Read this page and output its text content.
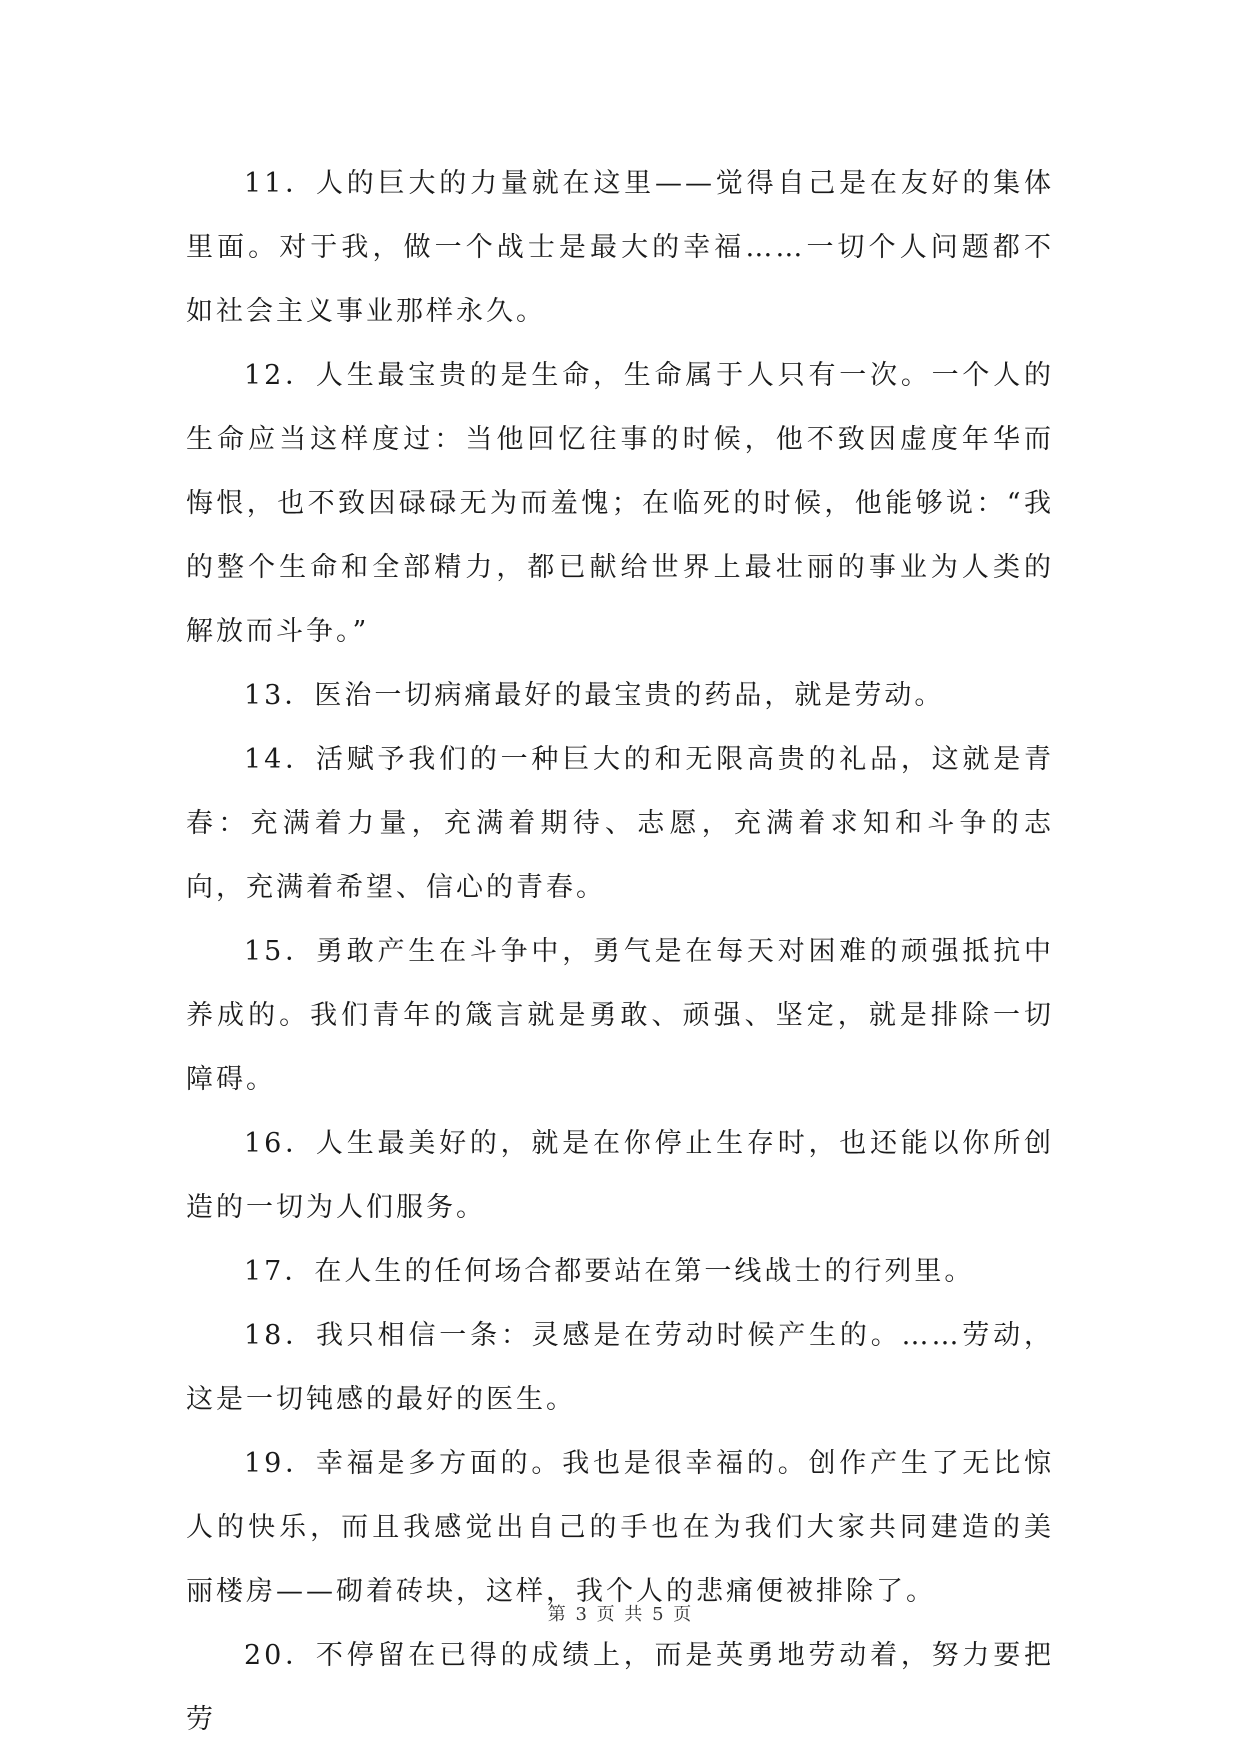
11．人的巨大的力量就在这里——觉得自己是在友好的集体里面。对于我，做一个战士是最大的幸福……一切个人问题都不如社会主义事业那样永久。

12．人生最宝贵的是生命，生命属于人只有一次。一个人的生命应当这样度过：当他回忆往事的时候，他不致因虚度年华而悔恨，也不致因碌碌无为而羞愧；在临死的时候，他能够说：“我的整个生命和全部精力，都已献给世界上最壮丽的事业为人类的解放而斗争。”

13．医治一切病痛最好的最宝贵的药品，就是劳动。

14．活赋予我们的一种巨大的和无限高贵的礼品，这就是青春：充满着力量，充满着期待、志愿，充满着求知和斗争的志向，充满着希望、信心的青春。

15．勇敢产生在斗争中，勇气是在每天对困难的顽强抵抗中养成的。我们青年的箴言就是勇敢、顽强、坚定，就是排除一切障碍。

16．人生最美好的，就是在你停止生存时，也还能以你所创造的一切为人们服务。

17．在人生的任何场合都要站在第一线战士的行列里。

18．我只相信一条：灵感是在劳动时候产生的。……劳动，这是一切钝感的最好的医生。

19．幸福是多方面的。我也是很幸福的。创作产生了无比惊人的快乐，而且我感觉出自己的手也在为我们大家共同建造的美丽楼房——砌着砖块，这样，我个人的悲痛便被排除了。

20．不停留在已得的成绩上，而是英勇地劳动着，努力要把劳

第 3 页 共 5 页
